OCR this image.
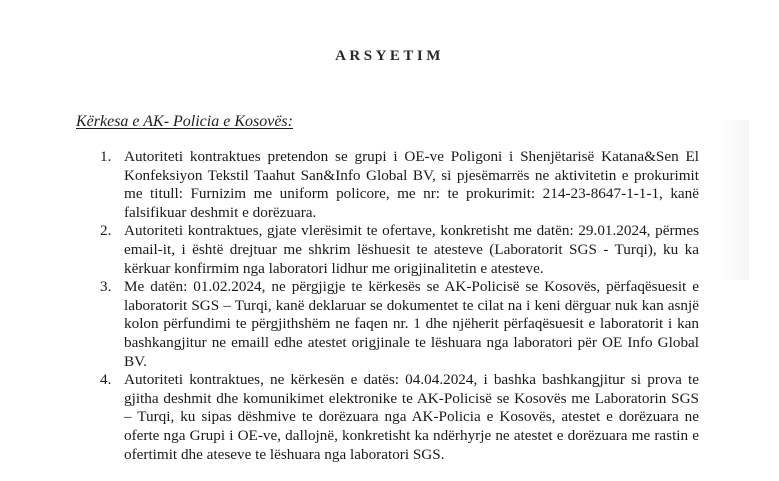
ARSYETIM
Kërkesa e AK- Policia e Kosovës:
1. Autoriteti kontraktues pretendon se grupi i OE-ve Poligoni i Shenjëtarisë Katana&Sen El Konfeksiyon Tekstil Taahut San&Info Global BV, si pjesëmarrës ne aktivitetin e prokurimit me titull: Furnizim me uniform policore, me nr: te prokurimit: 214-23-8647-1-1-1, kanë falsifikuar deshmit e dorëzuara.
2. Autoriteti kontraktues, gjate vlerësimit te ofertave, konkretisht me datën: 29.01.2024, përmes email-it, i është drejtuar me shkrim lëshuesit te atesteve (Laboratorit SGS - Turqi), ku ka kërkuar konfirmim nga laboratori lidhur me origjinalitetin e atesteve.
3. Me datën: 01.02.2024, ne përgjigje te kërkesës se AK-Policisë se Kosovës, përfaqësuesit e laboratorit SGS – Turqi, kanë deklaruar se dokumentet te cilat na i keni dërguar nuk kan asnjë kolon përfundimi te përgjithshëm ne faqen nr. 1 dhe njëherit përfaqësuesit e laboratorit i kan bashkangjitur ne emaill edhe atestet origjinale te lëshuara nga laboratori për OE Info Global BV.
4. Autoriteti kontraktues, ne kërkesën e datës: 04.04.2024, i bashka bashkangjitur si prova te gjitha deshmit dhe komunikimet elektronike te AK-Policisë se Kosovës me Laboratorin SGS – Turqi, ku sipas dëshmive te dorëzuara nga AK-Policia e Kosovës, atestet e dorëzuara ne oferte nga Grupi i OE-ve, dallojnë, konkretisht ka ndërhyrje ne atestet e dorëzuara me rastin e ofertimit dhe ateseve te lëshuara nga laboratori SGS.
